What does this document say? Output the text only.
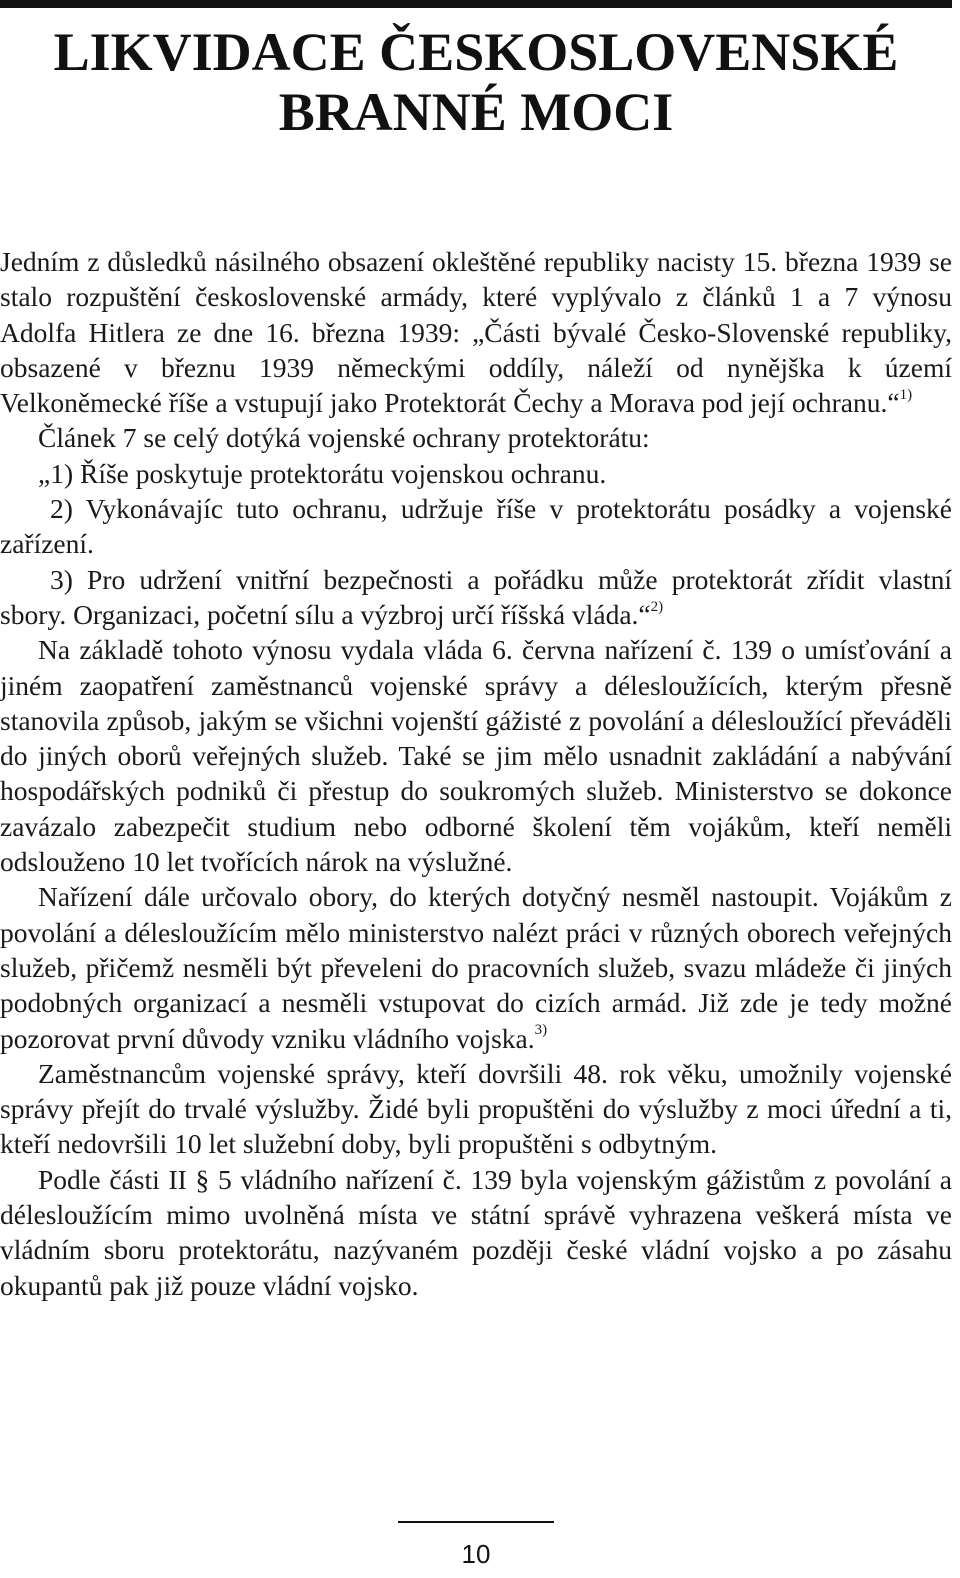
LIKVIDACE ČESKOSLOVENSKÉ
BRANNÉ MOCI

Jedním z důsledků násilného obsazení okleštěné republiky nacisty 15. března 1939 se stalo rozpuštění československé armády, které vyplývalo z článků 1 a 7 výnosu Adolfa Hitlera ze dne 16. března 1939: „Části bývalé Česko-Slovenské republiky, obsazené v březnu 1939 německými oddíly, náleží od nynějška k území Velkoněmecké říše a vstupují jako Protektorát Čechy a Morava pod její ochranu.“$^{1)}$

Článek 7 se celý dotýká vojenské ochrany protektorátu:

„1) Říše poskytuje protektorátu vojenskou ochranu.

2) Vykonávajíc tuto ochranu, udržuje říše v protektorátu posádky a vojenské zařízení.

3) Pro udržení vnitřní bezpečnosti a pořádku může protektorát zřídit vlastní sbory. Organizaci, početní sílu a výzbroj určí říšská vláda.“$^{2)}$

Na základě tohoto výnosu vydala vláda 6. června nařízení č. 139 o umísťování a jiném zaopatření zaměstnanců vojenské správy a délesloužících, kterým přesně stanovila způsob, jakým se všichni vojenští gážisté z povolání a délesloužící převáděli do jiných oborů veřejných služeb. Také se jim mělo usnadnit zakládání a nabývání hospodářských podniků či přestup do soukromých služeb. Ministerstvo se dokonce zavázalo zabezpečit studium nebo odborné školení těm vojákům, kteří neměli odslouženo 10 let tvořících nárok na výslužné.

Nařízení dále určovalo obory, do kterých dotyčný nesměl nastoupit. Vojákům z povolání a délesloužícím mělo ministerstvo nalézt práci v různých oborech veřejných služeb, přičemž nesměli být převeleni do pracovních služeb, svazu mládeže či jiných podobných organizací a nesměli vstupovat do cizích armád. Již zde je tedy možné pozorovat první důvody vzniku vládního vojska.$^{3)}$

Zaměstnancům vojenské správy, kteří dovršili 48. rok věku, umožnily vojenské správy přejít do trvalé výslužby. Židé byli propuštěni do výslužby z moci úřední a ti, kteří nedovršili 10 let služební doby, byli propuštěni s odbytným.

Podle části II § 5 vládního nařízení č. 139 byla vojenským gážistům z povolání a délesloužícím mimo uvolněná místa ve státní správě vyhrazena veškerá místa ve vládním sboru protektorátu, nazývaném později české vládní vojsko a po zásahu okupantů pak již pouze vládní vojsko.

10
